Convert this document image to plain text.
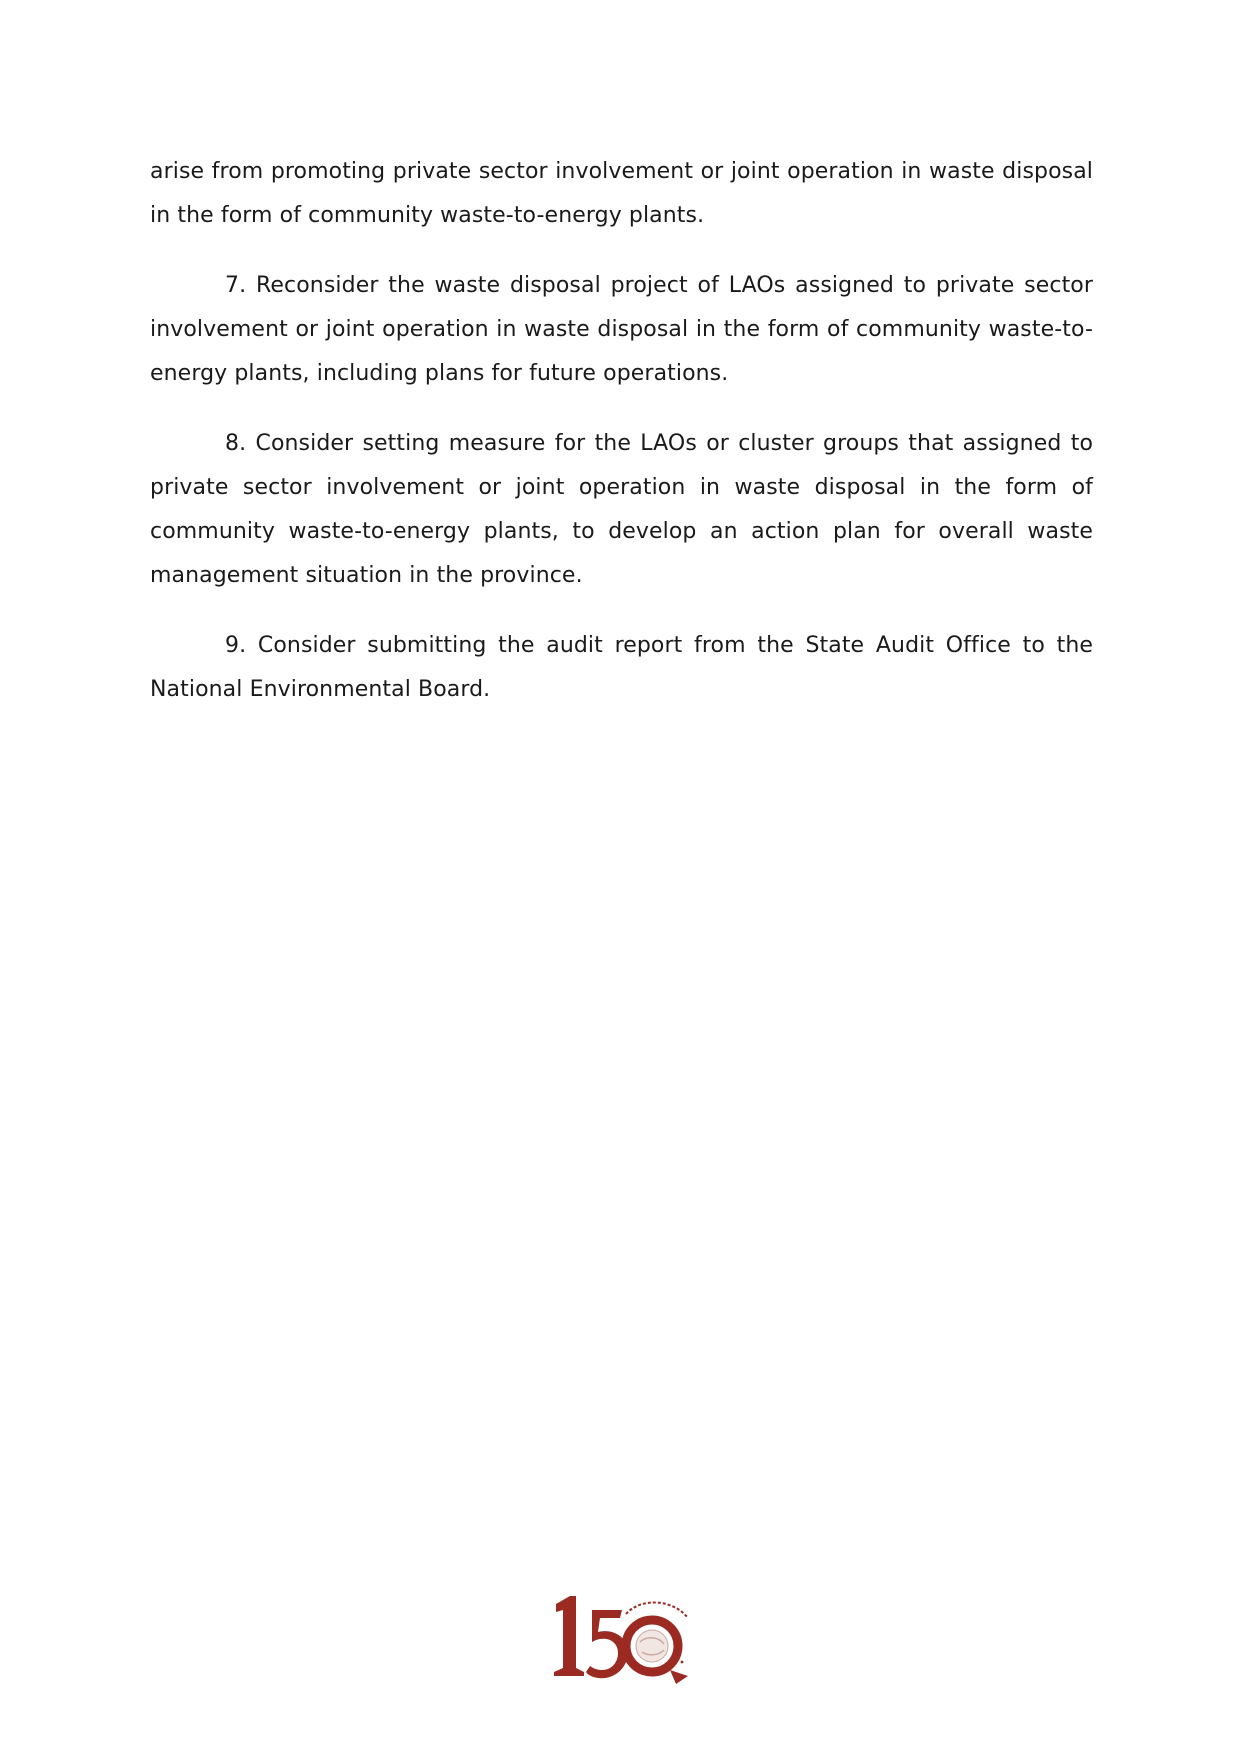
arise from promoting private sector involvement or joint operation in waste disposal in the form of community waste-to-energy plants.

7. Reconsider the waste disposal project of LAOs assigned to private sector involvement or joint operation in waste disposal in the form of community waste-to-energy plants, including plans for future operations.

8. Consider setting measure for the LAOs or cluster groups that assigned to private sector involvement or joint operation in waste disposal in the form of community waste-to-energy plants, to develop an action plan for overall waste management situation in the province.

9. Consider submitting the audit report from the State Audit Office to the National Environmental Board.
